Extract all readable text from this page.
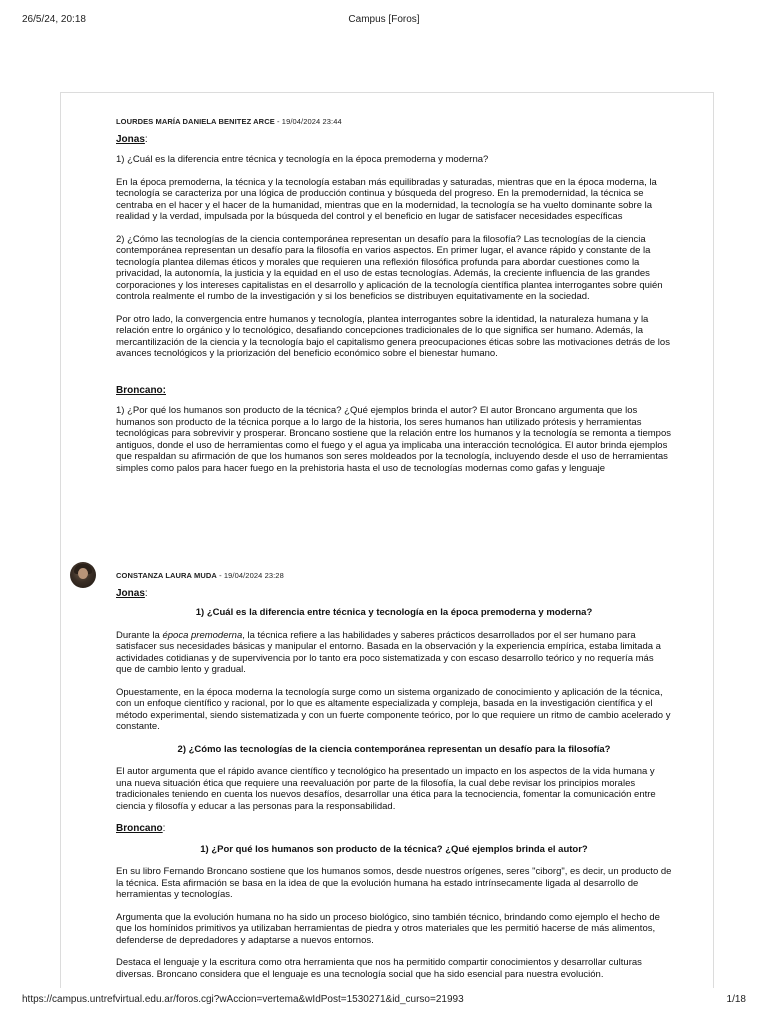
26/5/24, 20:18	Campus [Foros]
LOURDES MARÍA DANIELA BENITEZ ARCE - 19/04/2024 23:44
Jonas:

1) ¿Cuál es la diferencia entre técnica y tecnología en la época premoderna y moderna?

En la época premoderna, la técnica y la tecnología estaban más equilibradas y saturadas, mientras que en la época moderna, la tecnología se caracteriza por una lógica de producción continua y búsqueda del progreso. En la premodernidad, la técnica se centraba en el hacer y el hacer de la humanidad, mientras que en la modernidad, la tecnología se ha vuelto dominante sobre la realidad y la verdad, impulsada por la búsqueda del control y el beneficio en lugar de satisfacer necesidades específicas

2) ¿Cómo las tecnologías de la ciencia contemporánea representan un desafío para la filosofía? Las tecnologías de la ciencia contemporánea representan un desafío para la filosofía en varios aspectos. En primer lugar, el avance rápido y constante de la tecnología plantea dilemas éticos y morales que requieren una reflexión filosófica profunda para abordar cuestiones como la privacidad, la autonomía, la justicia y la equidad en el uso de estas tecnologías. Además, la creciente influencia de las grandes corporaciones y los intereses capitalistas en el desarrollo y aplicación de la tecnología científica plantea interrogantes sobre quién controla realmente el rumbo de la investigación y si los beneficios se distribuyen equitativamente en la sociedad.

Por otro lado, la convergencia entre humanos y tecnología, plantea interrogantes sobre la identidad, la naturaleza humana y la relación entre lo orgánico y lo tecnológico, desafiando concepciones tradicionales de lo que significa ser humano. Además, la mercantilización de la ciencia y la tecnología bajo el capitalismo genera preocupaciones éticas sobre las motivaciones detrás de los avances tecnológicos y la priorización del beneficio económico sobre el bienestar humano.

Broncano:

1) ¿Por qué los humanos son producto de la técnica? ¿Qué ejemplos brinda el autor? El autor Broncano argumenta que los humanos son producto de la técnica porque a lo largo de la historia, los seres humanos han utilizado prótesis y herramientas tecnológicas para sobrevivir y prosperar. Broncano sostiene que la relación entre los humanos y la tecnología se remonta a tiempos antiguos, donde el uso de herramientas como el fuego y el agua ya implicaba una interacción tecnológica. El autor brinda ejemplos que respaldan su afirmación de que los humanos son seres moldeados por la tecnología, incluyendo desde el uso de herramientas simples como palos para hacer fuego en la prehistoria hasta el uso de tecnologías modernas como gafas y lenguaje

CONSTANZA LAURA MUDA - 19/04/2024 23:28
Jonas:

1) ¿Cuál es la diferencia entre técnica y tecnología en la época premoderna y moderna?

Durante la época premoderna, la técnica refiere a las habilidades y saberes prácticos desarrollados por el ser humano para satisfacer sus necesidades básicas y manipular el entorno. Basada en la observación y la experiencia empírica, estaba limitada a actividades cotidianas y de supervivencia por lo tanto era poco sistematizada y con escaso desarrollo teórico y no requería más que de cambio lento y gradual.

Opuestamente, en la época moderna la tecnología surge como un sistema organizado de conocimiento y aplicación de la técnica, con un enfoque científico y racional, por lo que es altamente especializada y compleja, basada en la investigación científica y el método experimental, siendo sistematizada y con un fuerte componente teórico, por lo que requiere un ritmo de cambio acelerado y constante.

2) ¿Cómo las tecnologías de la ciencia contemporánea representan un desafío para la filosofía?

El autor argumenta que el rápido avance científico y tecnológico ha presentado un impacto en los aspectos de la vida humana y una nueva situación ética que requiere una reevaluación por parte de la filosofía, la cual debe revisar los principios morales tradicionales teniendo en cuenta los nuevos desafíos, desarrollar una ética para la tecnociencia, fomentar la comunicación entre ciencia y filosofía y educar a las personas para la responsabilidad.

Broncano:

1) ¿Por qué los humanos son producto de la técnica? ¿Qué ejemplos brinda el autor?

En su libro Fernando Broncano sostiene que los humanos somos, desde nuestros orígenes, seres "ciborg", es decir, un producto de la técnica. Esta afirmación se basa en la idea de que la evolución humana ha estado intrínsecamente ligada al desarrollo de herramientas y tecnologías.

Argumenta que la evolución humana no ha sido un proceso biológico, sino también técnico, brindando como ejemplo el hecho de que los homínidos primitivos ya utilizaban herramientas de piedra y otros materiales que les permitió hacerse de más alimentos, defenderse de depredadores y adaptarse a nuevos entornos.

Destaca el lenguaje y la escritura como otra herramienta que nos ha permitido compartir conocimientos y desarrollar culturas diversas. Broncano considera que el lenguaje es una tecnología social que ha sido esencial para nuestra evolución.

https://campus.untrefvirtual.edu.ar/foros.cgi?wAccion=vertema&wIdPost=1530271&id_curso=21993	1/18
